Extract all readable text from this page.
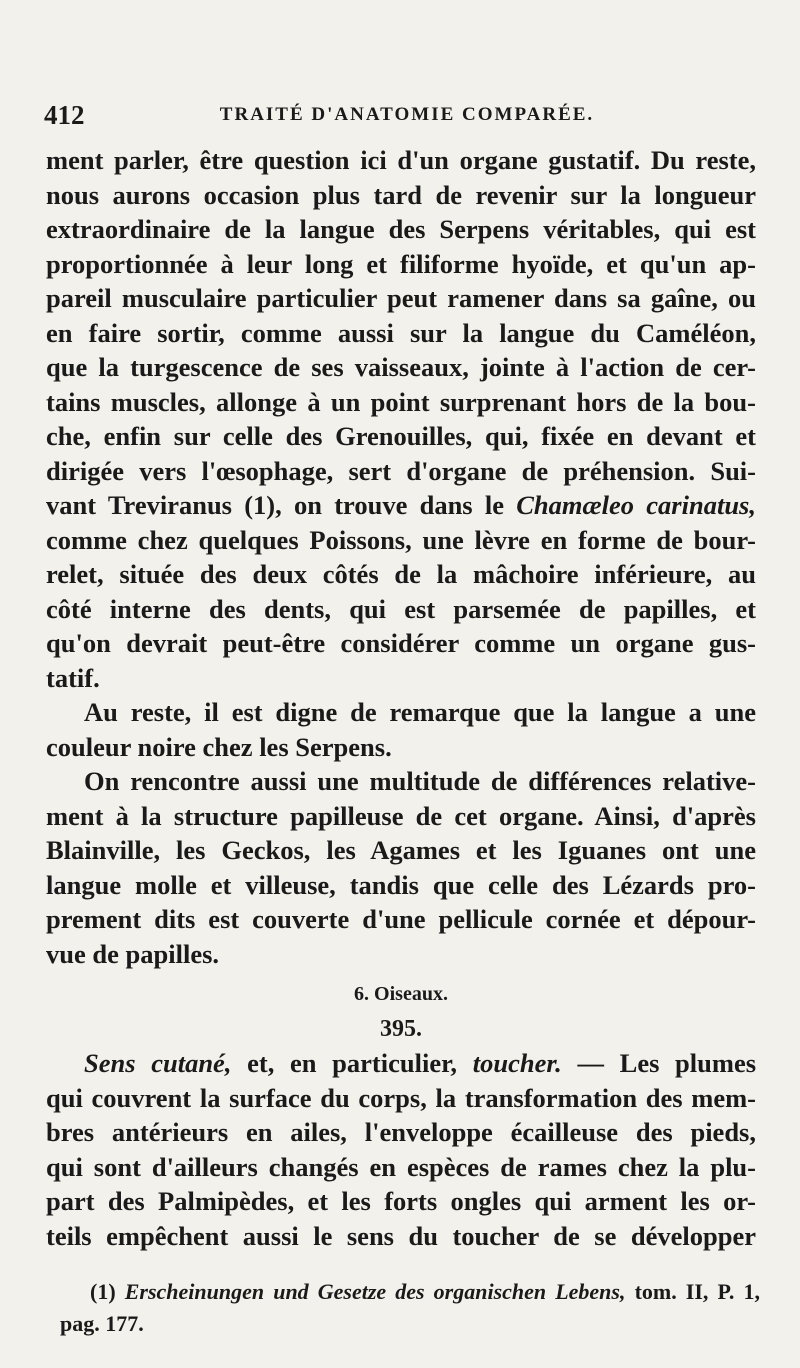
412	TRAITÉ D'ANATOMIE COMPARÉE.
ment parler, être question ici d'un organe gustatif. Du reste,
nous aurons occasion plus tard de revenir sur la longueur
extraordinaire de la langue des Serpens véritables, qui est
proportionnée à leur long et filiforme hyoïde, et qu'un ap-
pareil musculaire particulier peut ramener dans sa gaîne, ou
en faire sortir, comme aussi sur la langue du Caméléon,
que la turgescence de ses vaisseaux, jointe à l'action de cer-
tains muscles, allonge à un point surprenant hors de la bou-
che, enfin sur celle des Grenouilles, qui, fixée en devant et
dirigée vers l'œsophage, sert d'organe de préhension. Sui-
vant Treviranus (1), on trouve dans le Chamæleo carinatus,
comme chez quelques Poissons, une lèvre en forme de bour-
relet, située des deux côtés de la mâchoire inférieure, au
côté interne des dents, qui est parsemée de papilles, et
qu'on devrait peut-être considérer comme un organe gus-
tatif.
Au reste, il est digne de remarque que la langue a une
couleur noire chez les Serpens.
On rencontre aussi une multitude de différences relative-
ment à la structure papilleuse de cet organe. Ainsi, d'après
Blainville, les Geckos, les Agames et les Iguanes ont une
langue molle et villeuse, tandis que celle des Lézards pro-
prement dits est couverte d'une pellicule cornée et dépour-
vue de papilles.
6. Oiseaux.
395.
Sens cutané, et, en particulier, toucher. — Les plumes
qui couvrent la surface du corps, la transformation des mem-
bres antérieurs en ailes, l'enveloppe écailleuse des pieds,
qui sont d'ailleurs changés en espèces de rames chez la plu-
part des Palmipèdes, et les forts ongles qui arment les or-
teils empêchent aussi le sens du toucher de se développer
(1) Erscheinungen und Gesetze des organischen Lebens, tom. II, P. 1,
pag. 177.
